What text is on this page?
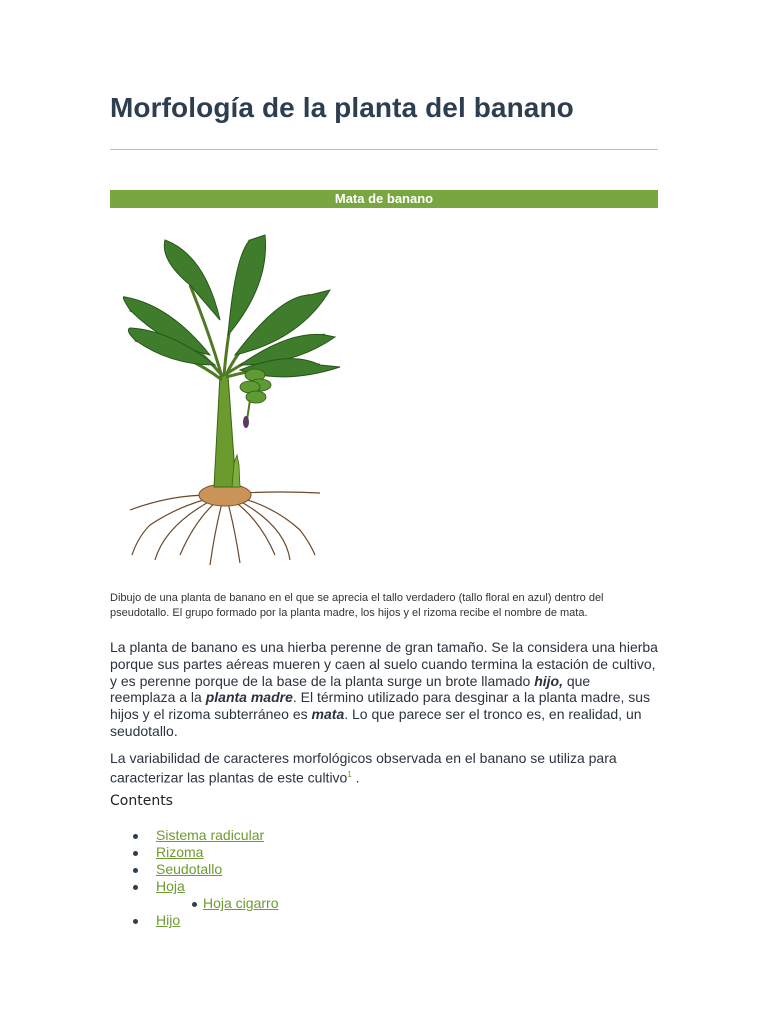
Morfología de la planta del banano
Mata de banano
Dibujo de una planta de banano en el que se aprecia el tallo verdadero (tallo floral en azul) dentro del pseudotallo. El grupo formado por la planta madre, los hijos y el rizoma recibe el nombre de mata.

La planta de banano es una hierba perenne de gran tamaño. Se la considera una hierba porque sus partes aéreas mueren y caen al suelo cuando termina la estación de cultivo, y es perenne porque de la base de la planta surge un brote llamado hijo, que reemplaza a la planta madre. El término utilizado para desginar a la planta madre, sus hijos y el rizoma subterráneo es mata. Lo que parece ser el tronco es, en realidad, un seudotallo.

La variabilidad de caracteres morfológicos observada en el banano se utiliza para caracterizar las plantas de este cultivo$^1$ .

Contents
Sistema radicular
Rizoma
Seudotallo
Hoja
Hoja cigarro
Hijo
